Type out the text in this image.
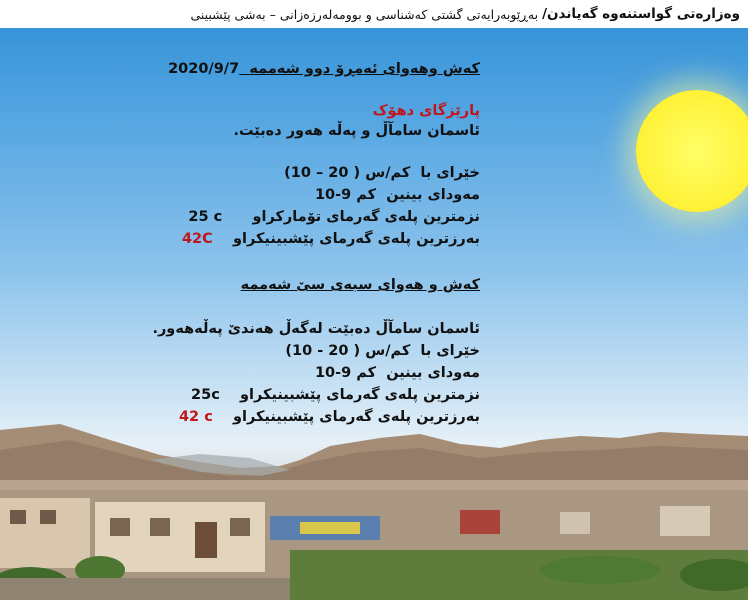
وەزارەتی گواستنەوە گەیاندن/
بەڕێوبەرایەتی گشتی کەشناسی و بوومەلەرزەزانی – بەشی پێشبینی
کەش وهەوای ئەمڕۆ دوو شەممە  2020/9/7
پارێزگای دهۆک
ئاسمان سامآڵ و پەڵە هەور دەبێت.
خێرای با  (10 – 20 ) کم/س
مەودای بینین  10-9 کم
نزمترین پلەی گەرمای تۆمارکراو      25 c
بەرزترین پلەی گەرمای پێشبینیکراو    42C
کەش و هەوای سبەی سێ شەممە
ئاسمان سامآڵ دەبێت لەگەڵ هەندێ پەڵەهەور.
خێرای با  (10 - 20 ) کم/س
مەودای بینین  10-9 کم
نزمترین پلەی گەرمای پێشبینیکراو    25c
بەرزترین پلەی گەرمای پێشبینیکراو    42 c
